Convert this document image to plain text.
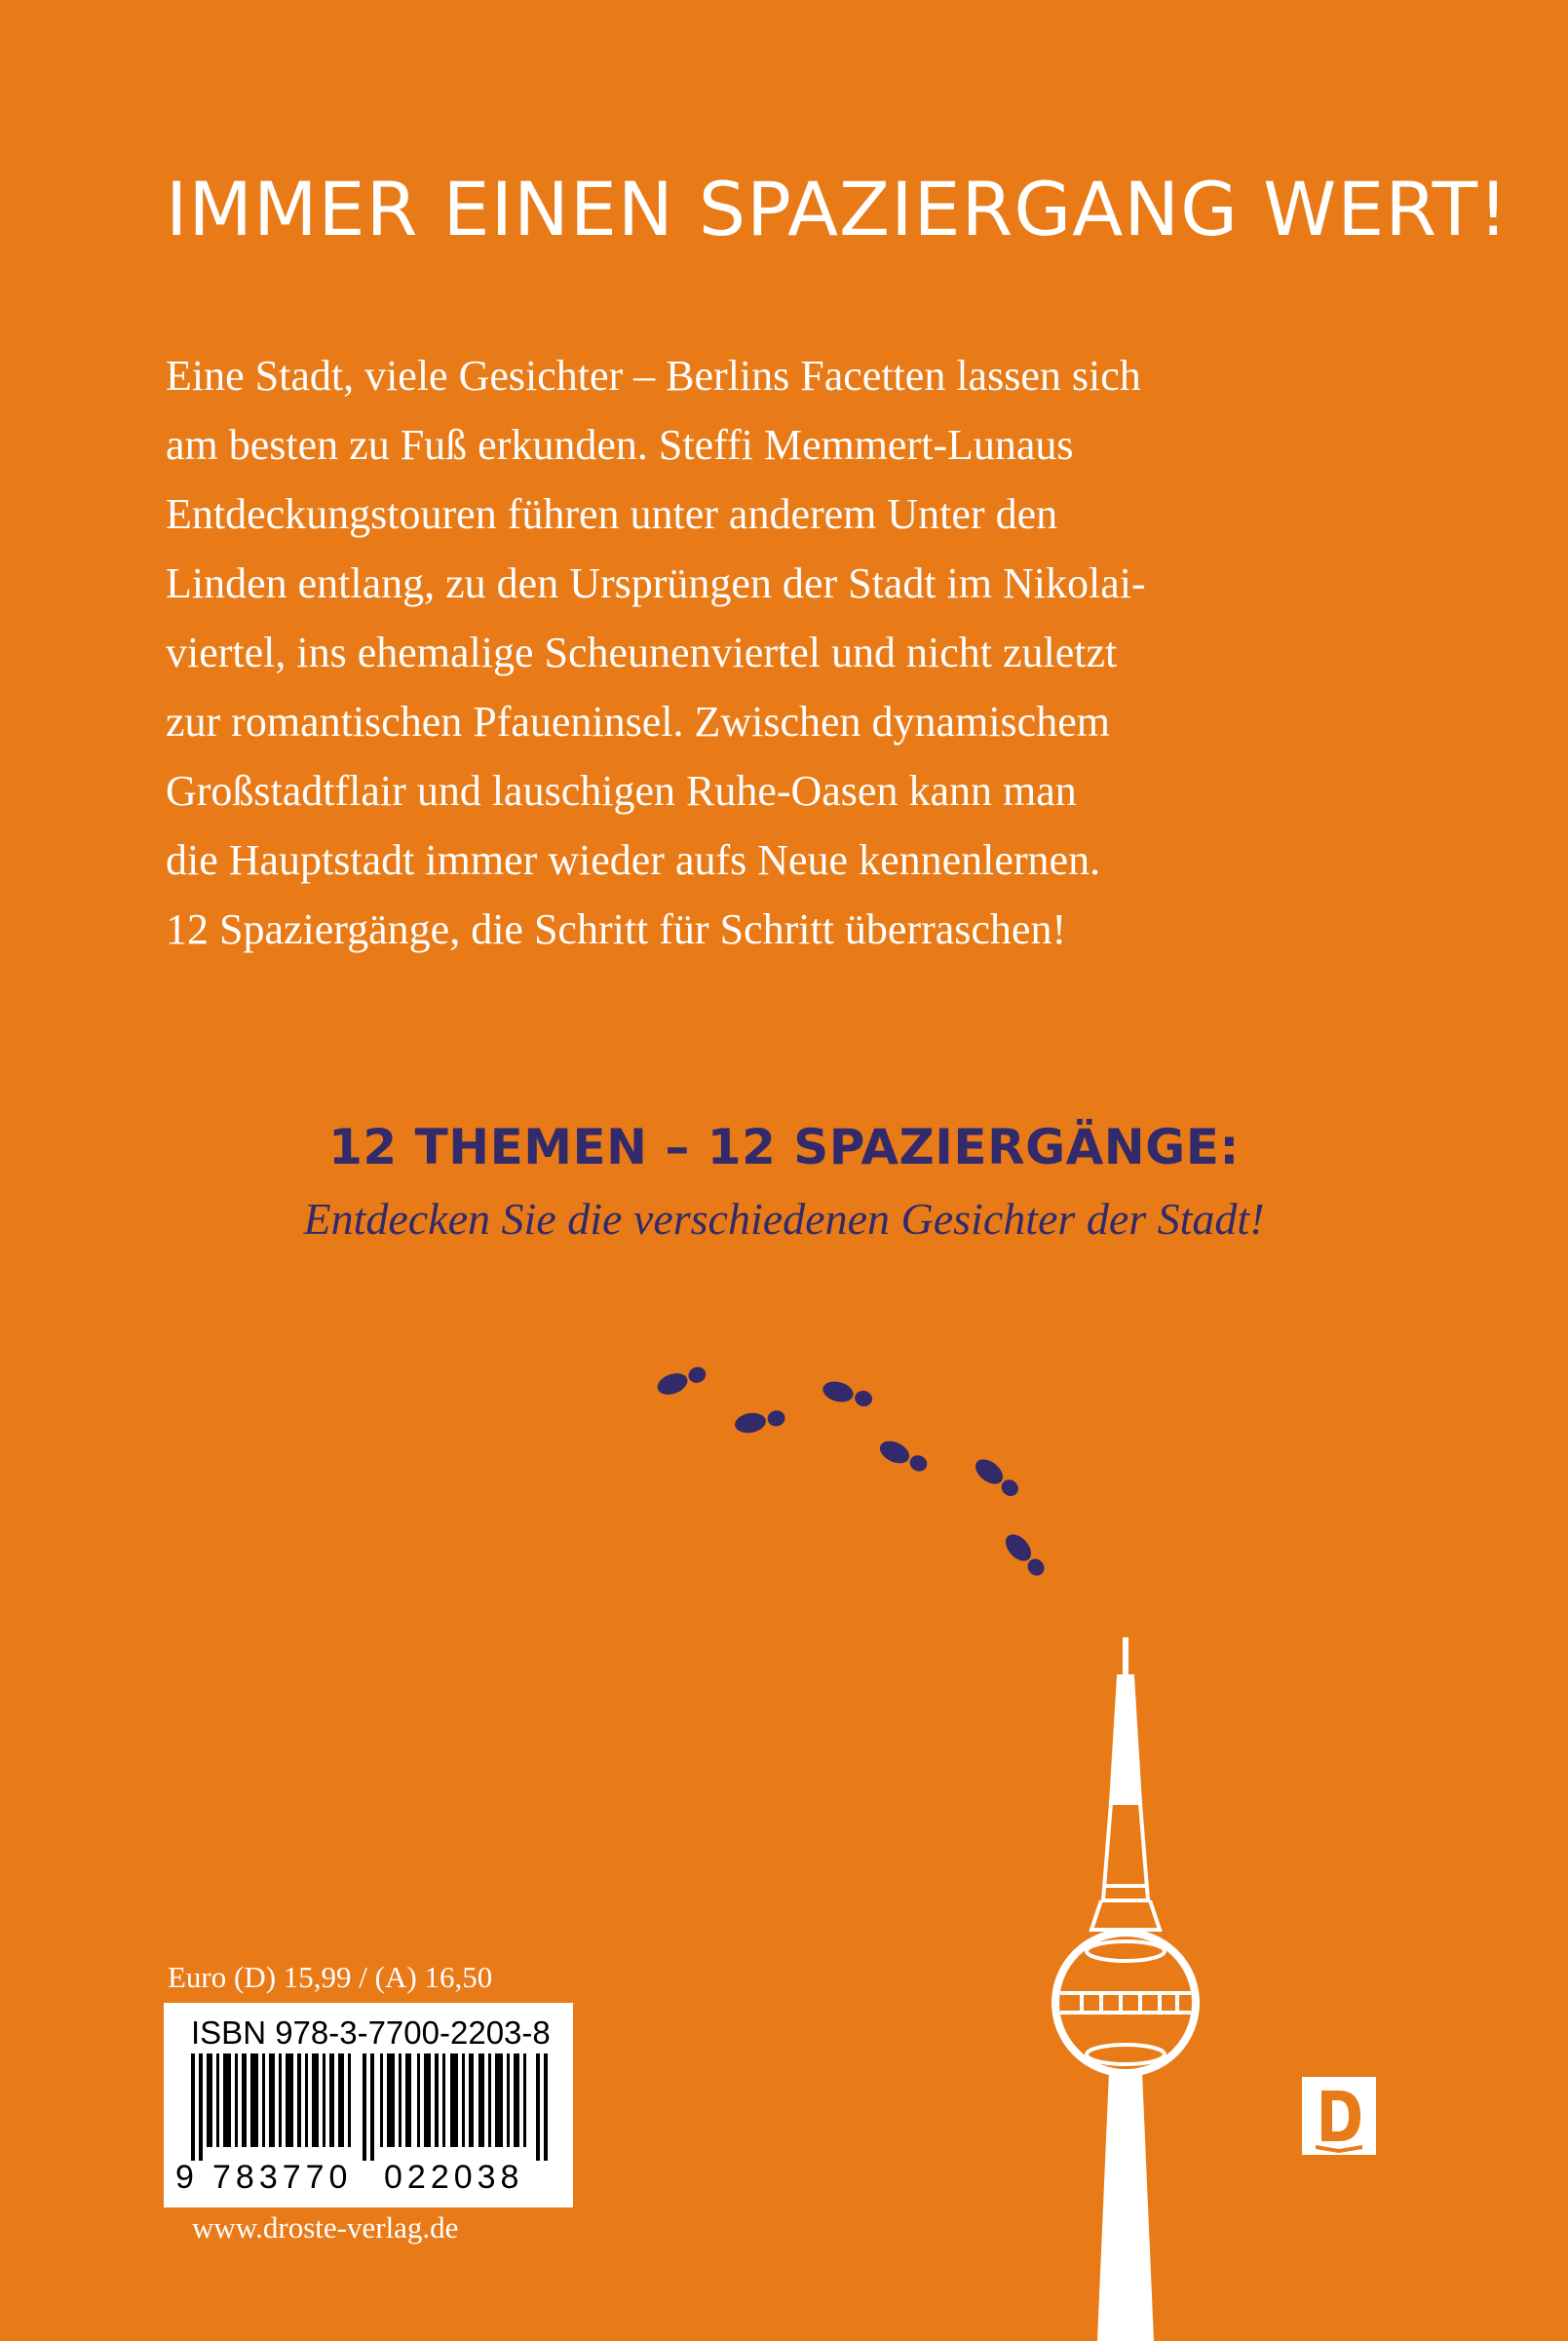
IMMER EINEN SPAZIERGANG WERT!
Eine Stadt, viele Gesichter – Berlins Facetten lassen sich
am besten zu Fuß erkunden. Steffi Memmert-Lunaus
Entdeckungstouren führen unter anderem Unter den
Linden entlang, zu den Ursprüngen der Stadt im Nikolai-
viertel, ins ehemalige Scheunenviertel und nicht zuletzt
zur romantischen Pfaueninsel. Zwischen dynamischem
Großstadtflair und lauschigen Ruhe-Oasen kann man
die Hauptstadt immer wieder aufs Neue kennenlernen.
12 Spaziergänge, die Schritt für Schritt überraschen!
12 THEMEN – 12 SPAZIERGÄNGE:
Entdecken Sie die verschiedenen Gesichter der Stadt!
Euro (D) 15,99 / (A) 16,50
ISBN 978-3-7700-2203-8
9 783770 022038
www.droste-verlag.de
